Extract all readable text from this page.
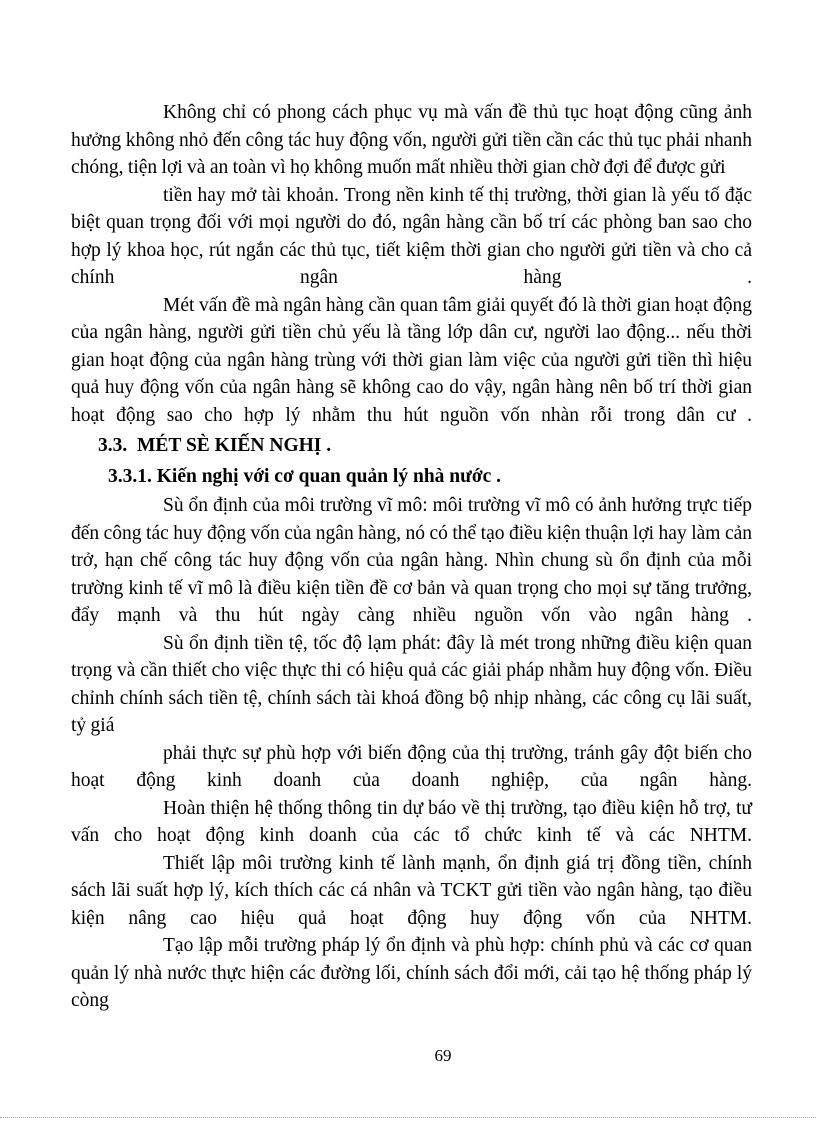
Không chỉ có phong cách phục vụ mà vấn đề thủ tục hoạt động cũng ảnh hưởng không nhỏ đến công tác huy động vốn, người gửi tiền cần các thủ tục phải nhanh chóng, tiện lợi và an toàn vì họ không muốn mất nhiều thời gian chờ đợi để được gửi

tiền hay mở tài khoản. Trong nền kinh tế thị trường, thời gian là yếu tố đặc biệt quan trọng đối với mọi người do đó, ngân hàng cần bố trí các phòng ban sao cho hợp lý khoa học, rút ngắn các thủ tục, tiết kiệm thời gian cho người gửi tiền và cho cả chính ngân hàng .

Mét vấn đề mà ngân hàng cần quan tâm giải quyết đó là thời gian hoạt động của ngân hàng, người gửi tiền chủ yếu là tầng lớp dân cư, người lao động... nếu thời gian hoạt động của ngân hàng trùng với thời gian làm việc của người gửi tiền thì hiệu quả huy động vốn của ngân hàng sẽ không cao do vậy, ngân hàng nên bố trí thời gian hoạt động sao cho hợp lý nhằm thu hút nguồn vốn nhàn rỗi trong dân cư .

3.3.  MÉT SÈ KIẾN NGHỊ .
3.3.1. Kiến nghị với cơ quan quản lý nhà nước .

Sù ổn định của môi trường vĩ mô: môi trường vĩ mô có ảnh hưởng trực tiếp đến công tác huy động vốn của ngân hàng, nó có thể tạo điều kiện thuận lợi hay làm cản trở, hạn chế công tác huy động vốn của ngân hàng. Nhìn chung sù ổn định của mỗi trường kinh tế vĩ mô là điều kiện tiền đề cơ bản và quan trọng cho mọi sự tăng trưởng, đẩy mạnh và thu hút ngày càng nhiều nguồn vốn vào ngân hàng .

Sù ổn định tiền tệ, tốc độ lạm phát: đây là mét trong những điều kiện quan trọng và cần thiết cho việc thực thi có hiệu quả các giải pháp nhằm huy động vốn. Điều chỉnh chính sách tiền tệ, chính sách tài khoá đồng bộ nhịp nhàng, các công cụ lãi suất, tỷ giá

phải thực sự phù hợp với biến động của thị trường, tránh gây đột biến cho hoạt động kinh doanh của doanh nghiệp, của ngân hàng.

Hoàn thiện hệ thống thông tin dự báo về thị trường, tạo điều kiện hỗ trợ, tư vấn cho hoạt động kinh doanh của các tổ chức kinh tế và các NHTM.

Thiết lập môi trường kinh tế lành mạnh, ổn định giá trị đồng tiền, chính sách lãi suất hợp lý, kích thích các cá nhân và TCKT gửi tiền vào ngân hàng, tạo điều kiện nâng cao hiệu quả hoạt động huy động vốn của NHTM.

Tạo lập mỗi trường pháp lý ổn định và phù hợp: chính phủ và các cơ quan quản lý nhà nước thực hiện các đường lối, chính sách đổi mới, cải tạo hệ thống pháp lý còng

69
